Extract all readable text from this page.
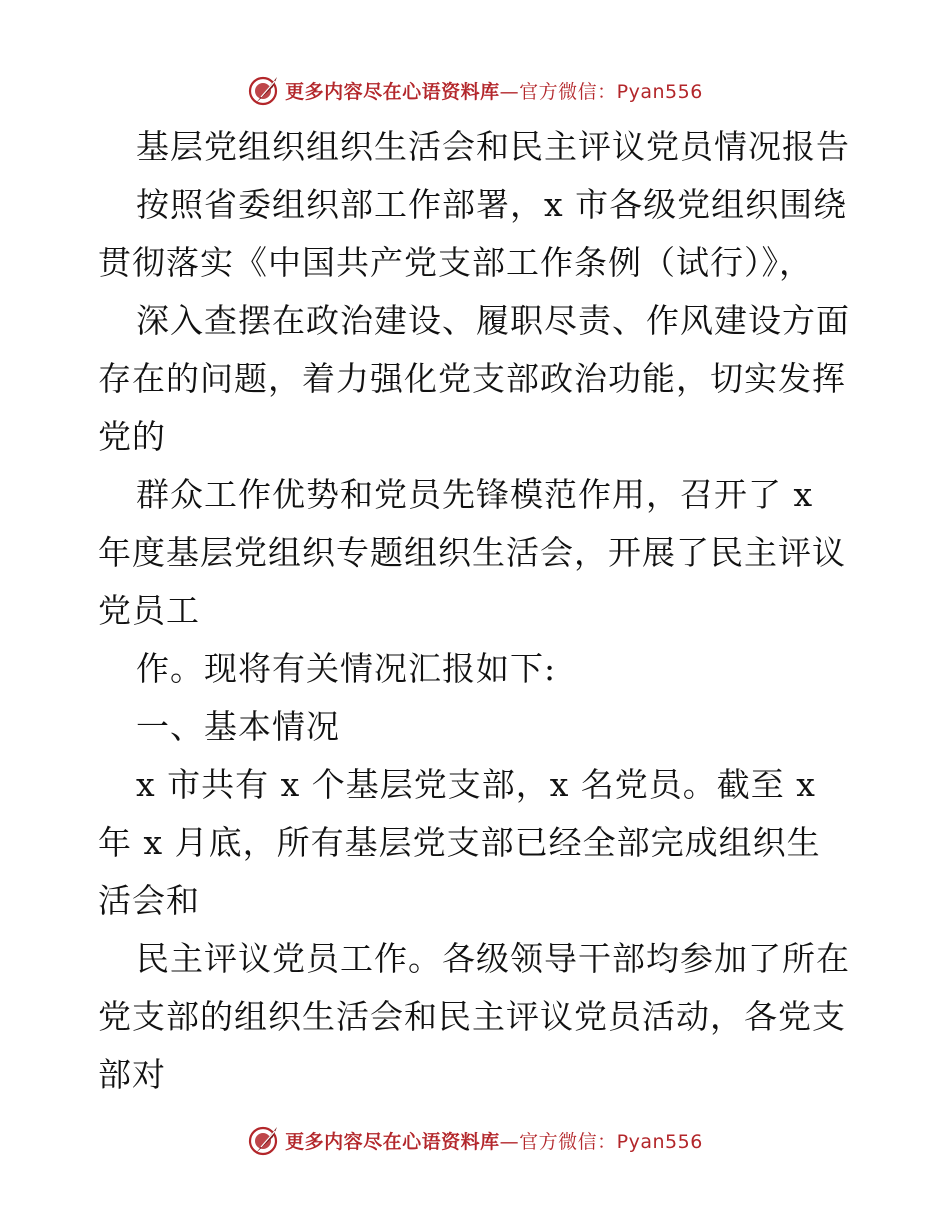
更多内容尽在心语资料库 —官方微信：Pyan556
基层党组织组织生活会和民主评议党员情况报告
按照省委组织部工作部署，x 市各级党组织围绕
贯彻落实《中国共产党支部工作条例（试行）》，
深入查摆在政治建设、履职尽责、作风建设方面
存在的问题，着力强化党支部政治功能，切实发挥
党的
群众工作优势和党员先锋模范作用，召开了 x
年度基层党组织专题组织生活会，开展了民主评议
党员工
作。现将有关情况汇报如下:
一、基本情况
x 市共有 x 个基层党支部，x 名党员。截至 x
年 x 月底，所有基层党支部已经全部完成组织生
活会和
民主评议党员工作。各级领导干部均参加了所在
党支部的组织生活会和民主评议党员活动，各党支
部对
更多内容尽在心语资料库 —官方微信：Pyan556
